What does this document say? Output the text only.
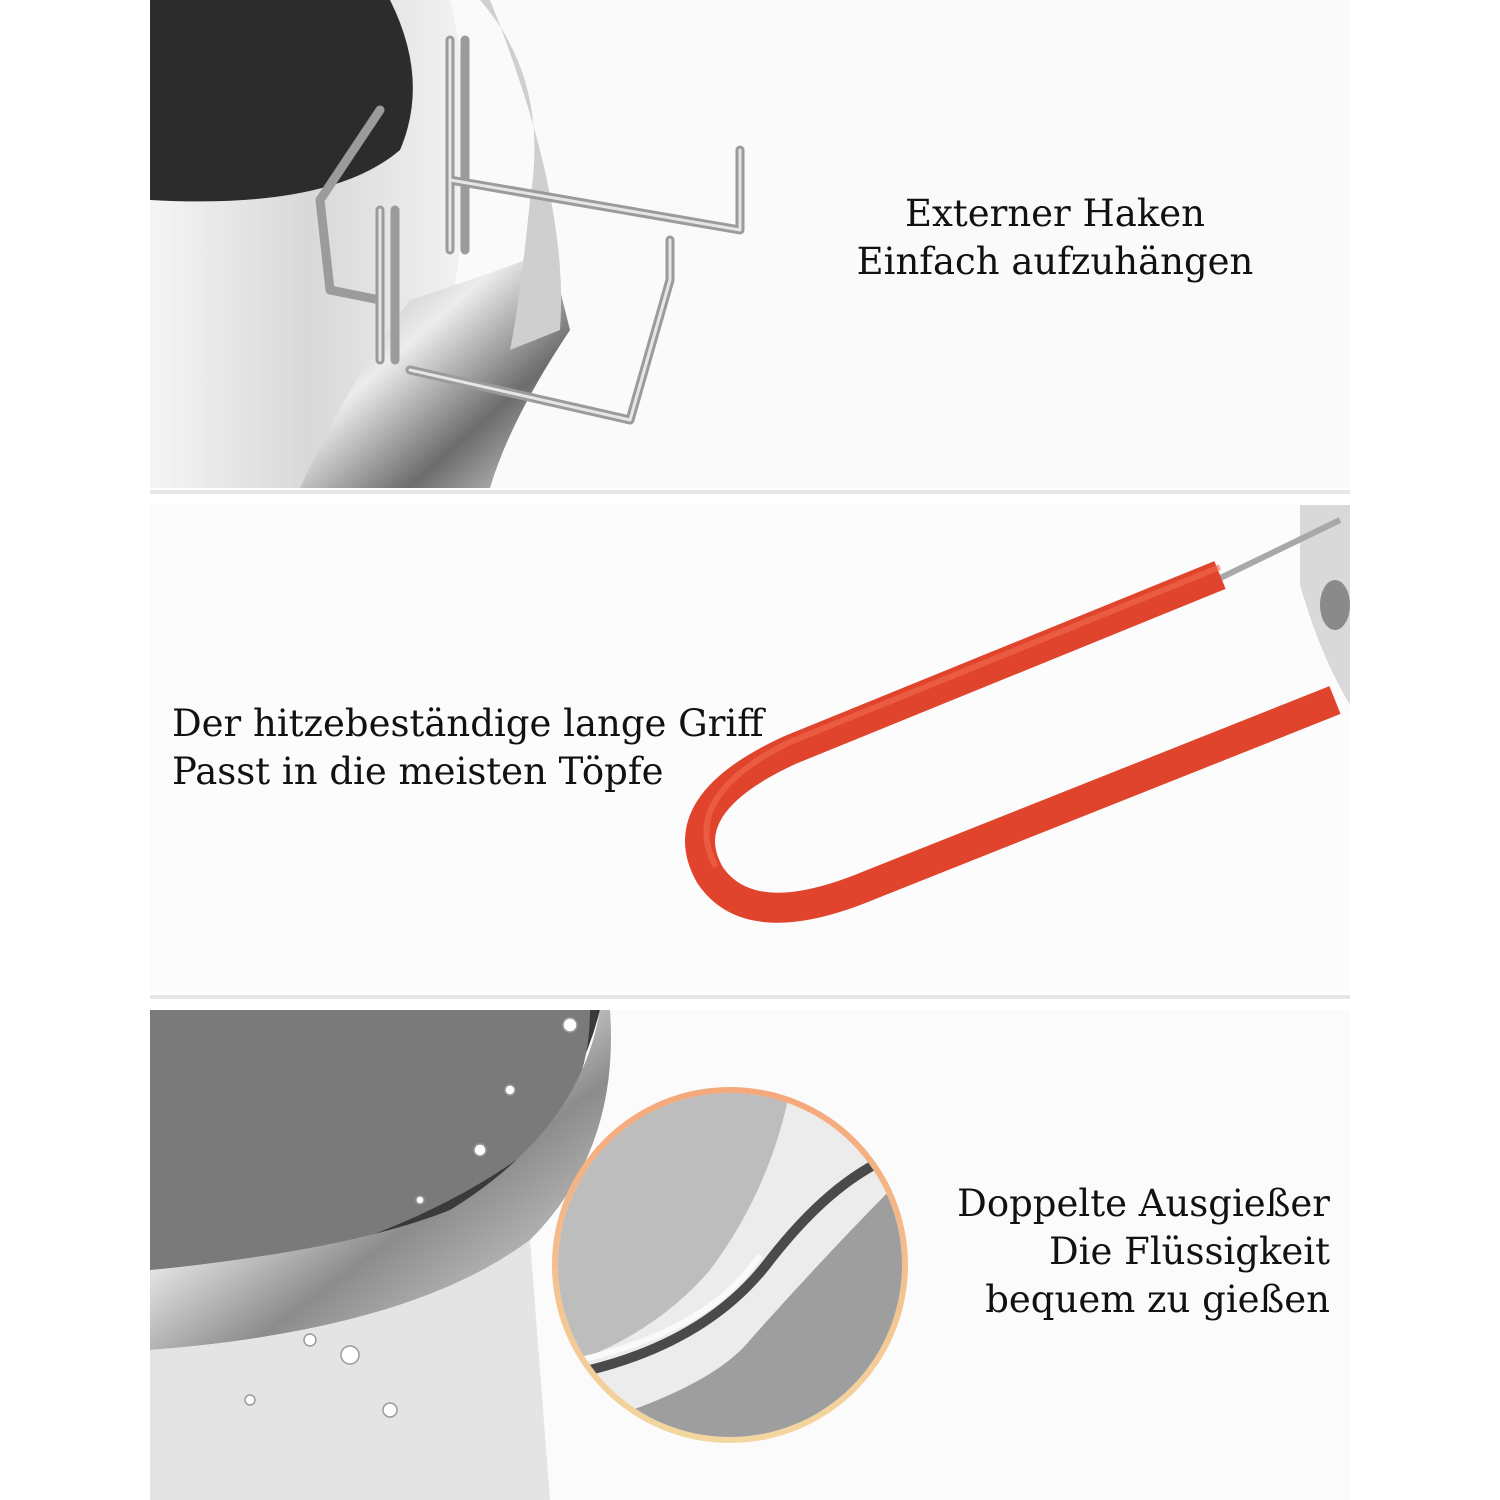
Externer Haken
Einfach aufzuhängen
Der hitzebeständige lange Griff
Passt in die meisten Töpfe
Doppelte Ausgießer
Die Flüssigkeit
bequem zu gießen
